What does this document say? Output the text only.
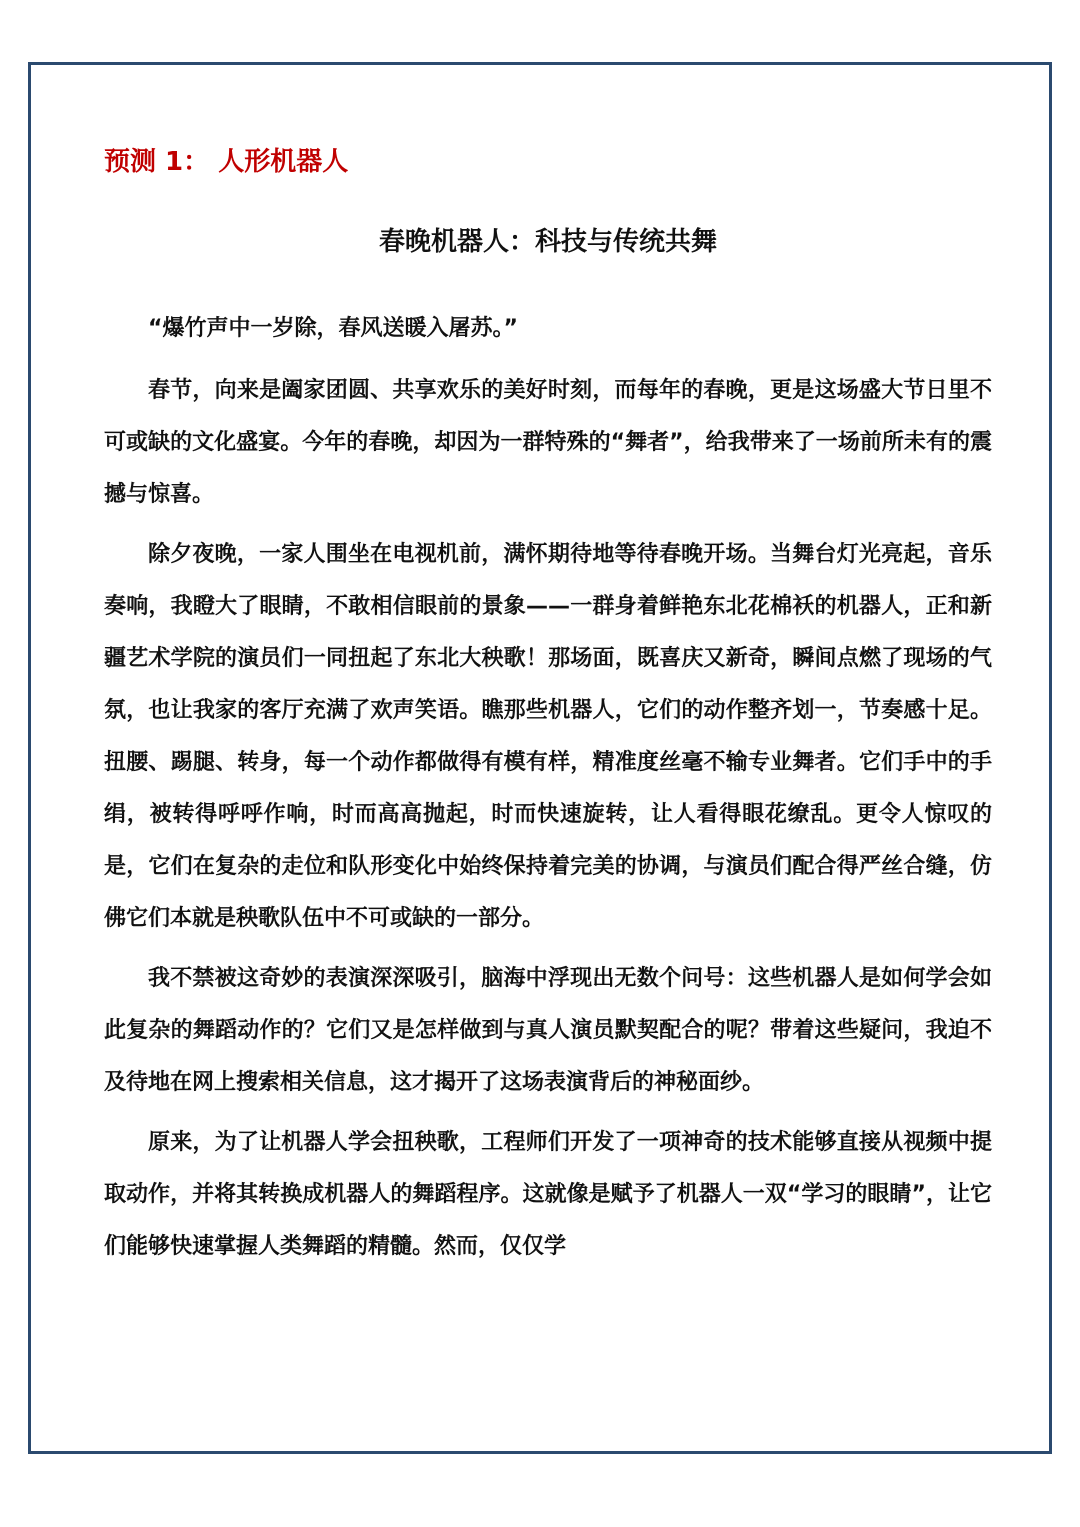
预测 1： 人形机器人
春晚机器人：科技与传统共舞

“爆竹声中一岁除，春风送暖入屠苏。”

春节，向来是阖家团圆、共享欢乐的美好时刻，而每年的春晚，更是这场盛大节日里不可或缺的文化盛宴。今年的春晚，却因为一群特殊的“舞者”，给我带来了一场前所未有的震撼与惊喜。

除夕夜晚，一家人围坐在电视机前，满怀期待地等待春晚开场。当舞台灯光亮起，音乐奏响，我瞪大了眼睛，不敢相信眼前的景象——一群身着鲜艳东北花棉袄的机器人，正和新疆艺术学院的演员们一同扭起了东北大秧歌！那场面，既喜庆又新奇，瞬间点燃了现场的气氛，也让我家的客厅充满了欢声笑语。瞧那些机器人，它们的动作整齐划一，节奏感十足。扭腰、踢腿、转身，每一个动作都做得有模有样，精准度丝毫不输专业舞者。它们手中的手绢，被转得呼呼作响，时而高高抛起，时而快速旋转，让人看得眼花缭乱。更令人惊叹的是，它们在复杂的走位和队形变化中始终保持着完美的协调，与演员们配合得严丝合缝，仿佛它们本就是秧歌队伍中不可或缺的一部分。

我不禁被这奇妙的表演深深吸引，脑海中浮现出无数个问号：这些机器人是如何学会如此复杂的舞蹈动作的？它们又是怎样做到与真人演员默契配合的呢？带着这些疑问，我迫不及待地在网上搜索相关信息，这才揭开了这场表演背后的神秘面纱。

原来，为了让机器人学会扭秧歌，工程师们开发了一项神奇的技术能够直接从视频中提取动作，并将其转换成机器人的舞蹈程序。这就像是赋予了机器人一双“学习的眼睛”，让它们能够快速掌握人类舞蹈的精髓。然而，仅仅学
